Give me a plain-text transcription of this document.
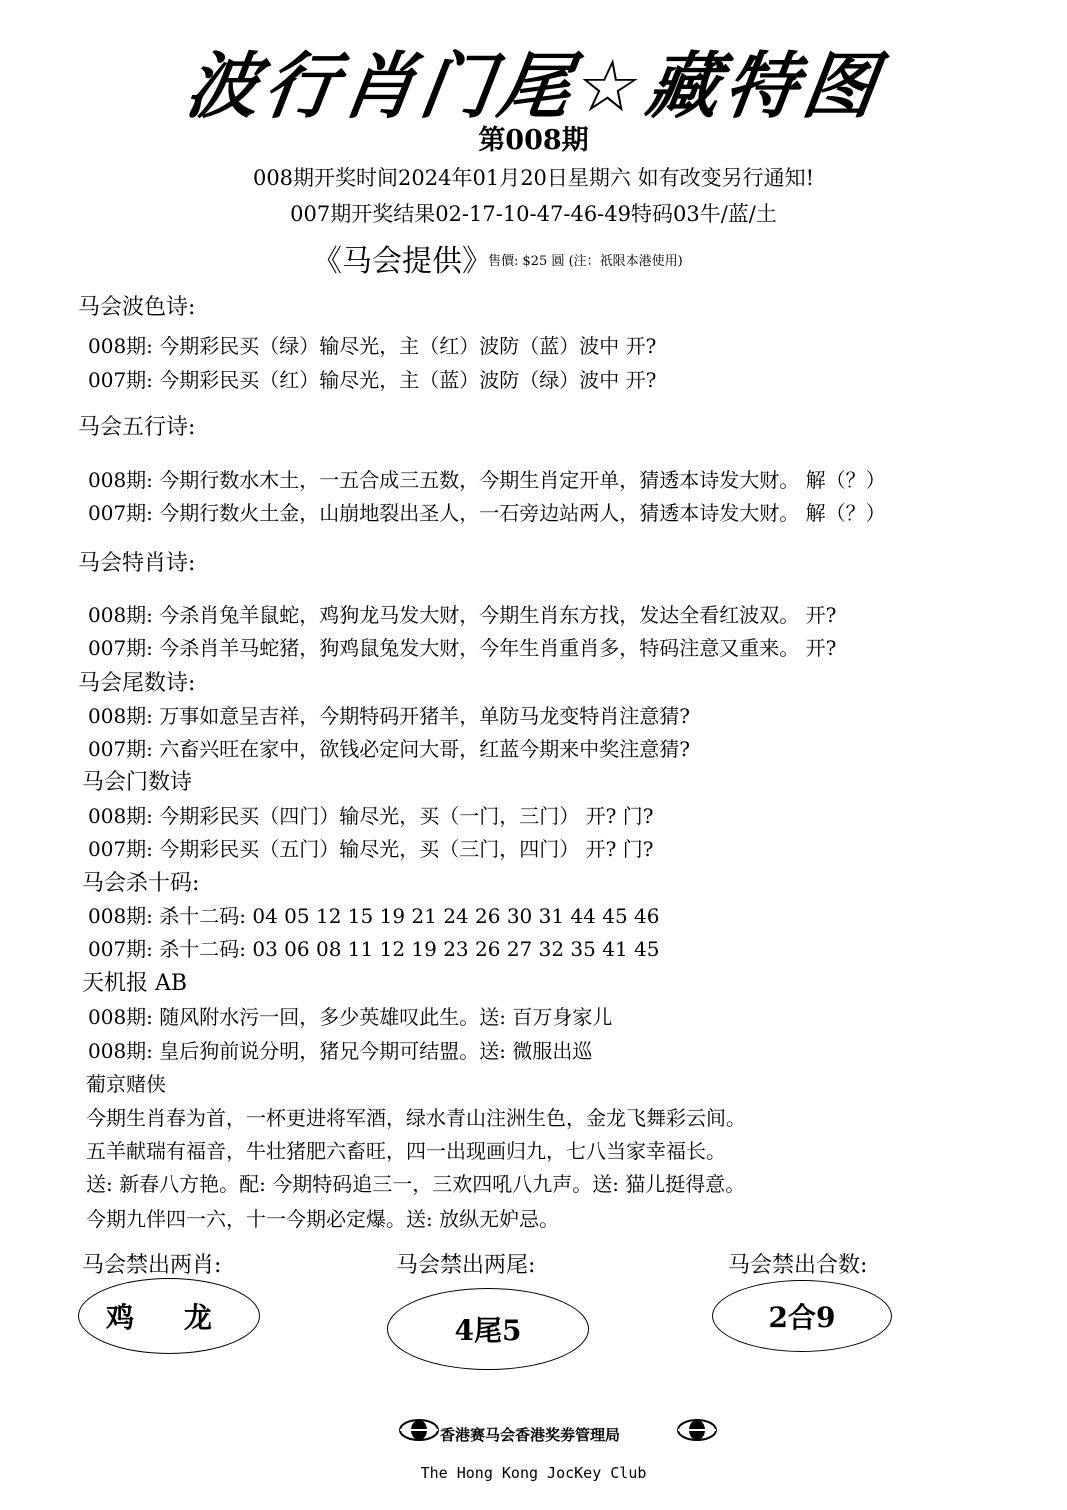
波行肖门尾☆藏特图
第008期
008期开奖时间2024年01月20日星期六 如有改变另行通知!
007期开奖结果02-17-10-47-46-49特码03牛/蓝/土
《马会提供》
售價: $25 圓 (注：祇限本港使用)
马会波色诗:
008期: 今期彩民买（绿）输尽光，主（红）波防（蓝）波中 开?
007期: 今期彩民买（红）输尽光，主（蓝）波防（绿）波中 开?
马会五行诗:
008期: 今期行数水木土，一五合成三五数，今期生肖定开单，猜透本诗发大财。 解（？）
007期: 今期行数火土金，山崩地裂出圣人，一石旁边站两人，猜透本诗发大财。 解（？）
马会特肖诗:
008期: 今杀肖兔羊鼠蛇，鸡狗龙马发大财，今期生肖东方找，发达全看红波双。 开?
007期: 今杀肖羊马蛇猪，狗鸡鼠兔发大财，今年生肖重肖多，特码注意又重来。 开?
马会尾数诗:
008期: 万事如意呈吉祥，今期特码开猪羊，单防马龙变特肖注意猜?
007期: 六畜兴旺在家中，欲钱必定问大哥，红蓝今期来中奖注意猜?
马会门数诗
008期: 今期彩民买（四门）输尽光，买（一门，三门） 开? 门?
007期: 今期彩民买（五门）输尽光，买（三门，四门） 开? 门?
马会杀十码:
008期: 杀十二码: 04 05 12 15 19 21 24 26 30 31 44 45 46
007期: 杀十二码: 03 06 08 11 12 19 23 26 27 32 35 41 45
天机报 AB
008期: 随风附水污一回，多少英雄叹此生。送: 百万身家儿
008期: 皇后狗前说分明，猪兄今期可结盟。送: 微服出巡
葡京赌侠
今期生肖春为首，一杯更进将军酒，绿水青山注洲生色，金龙飞舞彩云间。
五羊献瑞有福音，牛壮猪肥六畜旺，四一出现画归九，七八当家幸福长。
送: 新春八方艳。配: 今期特码追三一，三欢四吼八九声。送: 猫儿挺得意。
今期九伴四一六，十一今期必定爆。送: 放纵无妒忌。
马会禁出两肖:	马会禁出两尾:	马会禁出合数:
鸡 龙	4尾5	2合9
香港赛马会香港奖劵管理局
The Hong Kong JocKey Club
